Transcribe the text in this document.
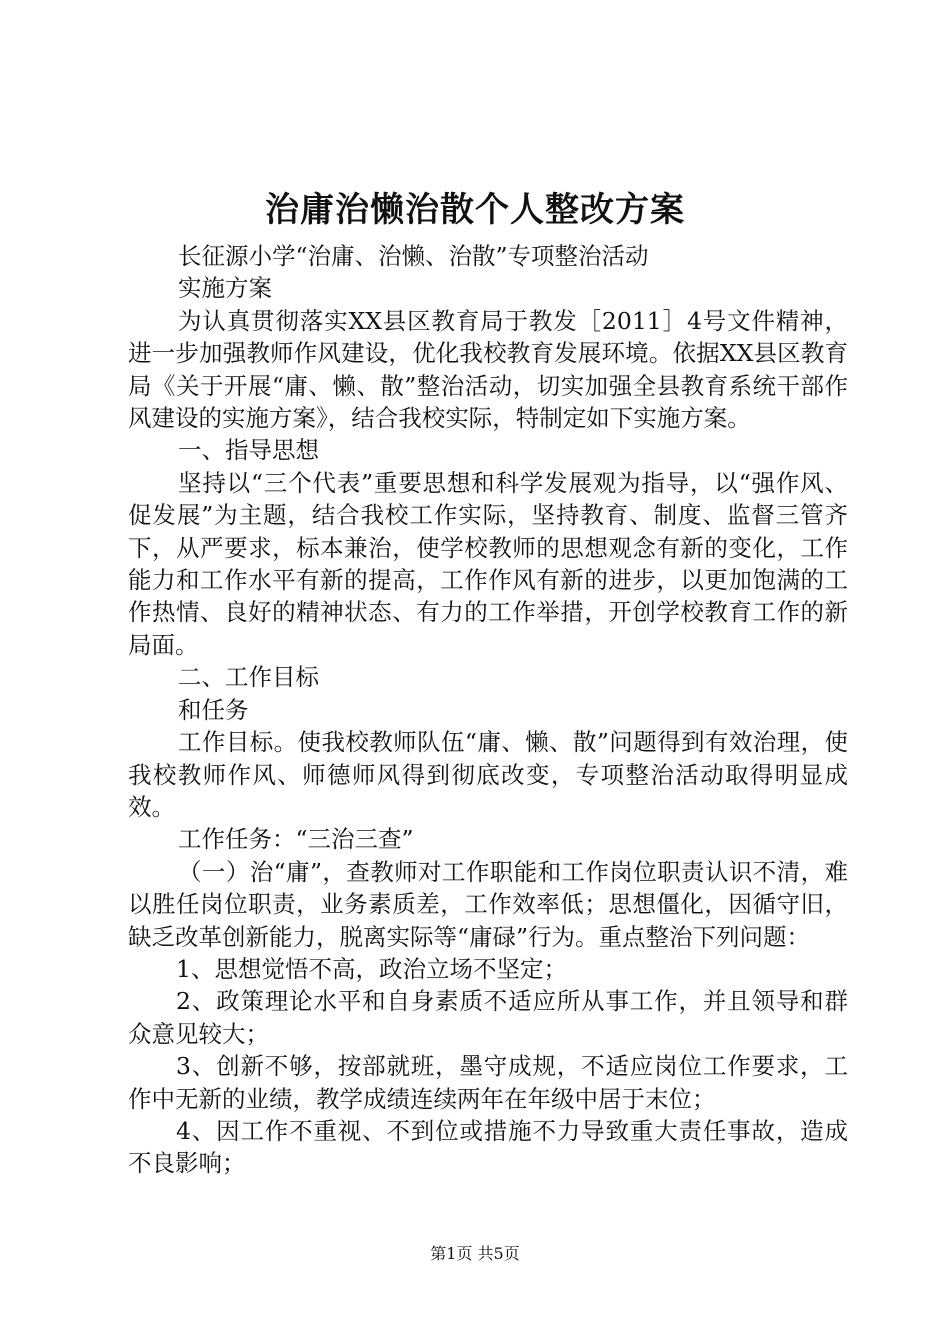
治庸治懒治散个人整改方案

长征源小学“治庸、治懒、治散”专项整治活动

实施方案

为认真贯彻落实XX县区教育局于教发［2011］4号文件精神，进一步加强教师作风建设，优化我校教育发展环境。依据XX县区教育局《关于开展“庸、懒、散”整治活动，切实加强全县教育系统干部作风建设的实施方案》，结合我校实际，特制定如下实施方案。

一、指导思想

坚持以“三个代表”重要思想和科学发展观为指导，以“强作风、促发展”为主题，结合我校工作实际，坚持教育、制度、监督三管齐下，从严要求，标本兼治，使学校教师的思想观念有新的变化，工作能力和工作水平有新的提高，工作作风有新的进步，以更加饱满的工作热情、良好的精神状态、有力的工作举措，开创学校教育工作的新局面。

二、工作目标

和任务

工作目标。使我校教师队伍“庸、懒、散”问题得到有效治理，使我校教师作风、师德师风得到彻底改变，专项整治活动取得明显成效。

工作任务：“三治三查”

（一）治“庸”，查教师对工作职能和工作岗位职责认识不清，难以胜任岗位职责，业务素质差，工作效率低；思想僵化，因循守旧，缺乏改革创新能力，脱离实际等“庸碌”行为。重点整治下列问题：

1、思想觉悟不高，政治立场不坚定；

2、政策理论水平和自身素质不适应所从事工作，并且领导和群众意见较大；

3、创新不够，按部就班，墨守成规，不适应岗位工作要求，工作中无新的业绩，教学成绩连续两年在年级中居于末位；

4、因工作不重视、不到位或措施不力导致重大责任事故，造成不良影响；

第1页 共5页
